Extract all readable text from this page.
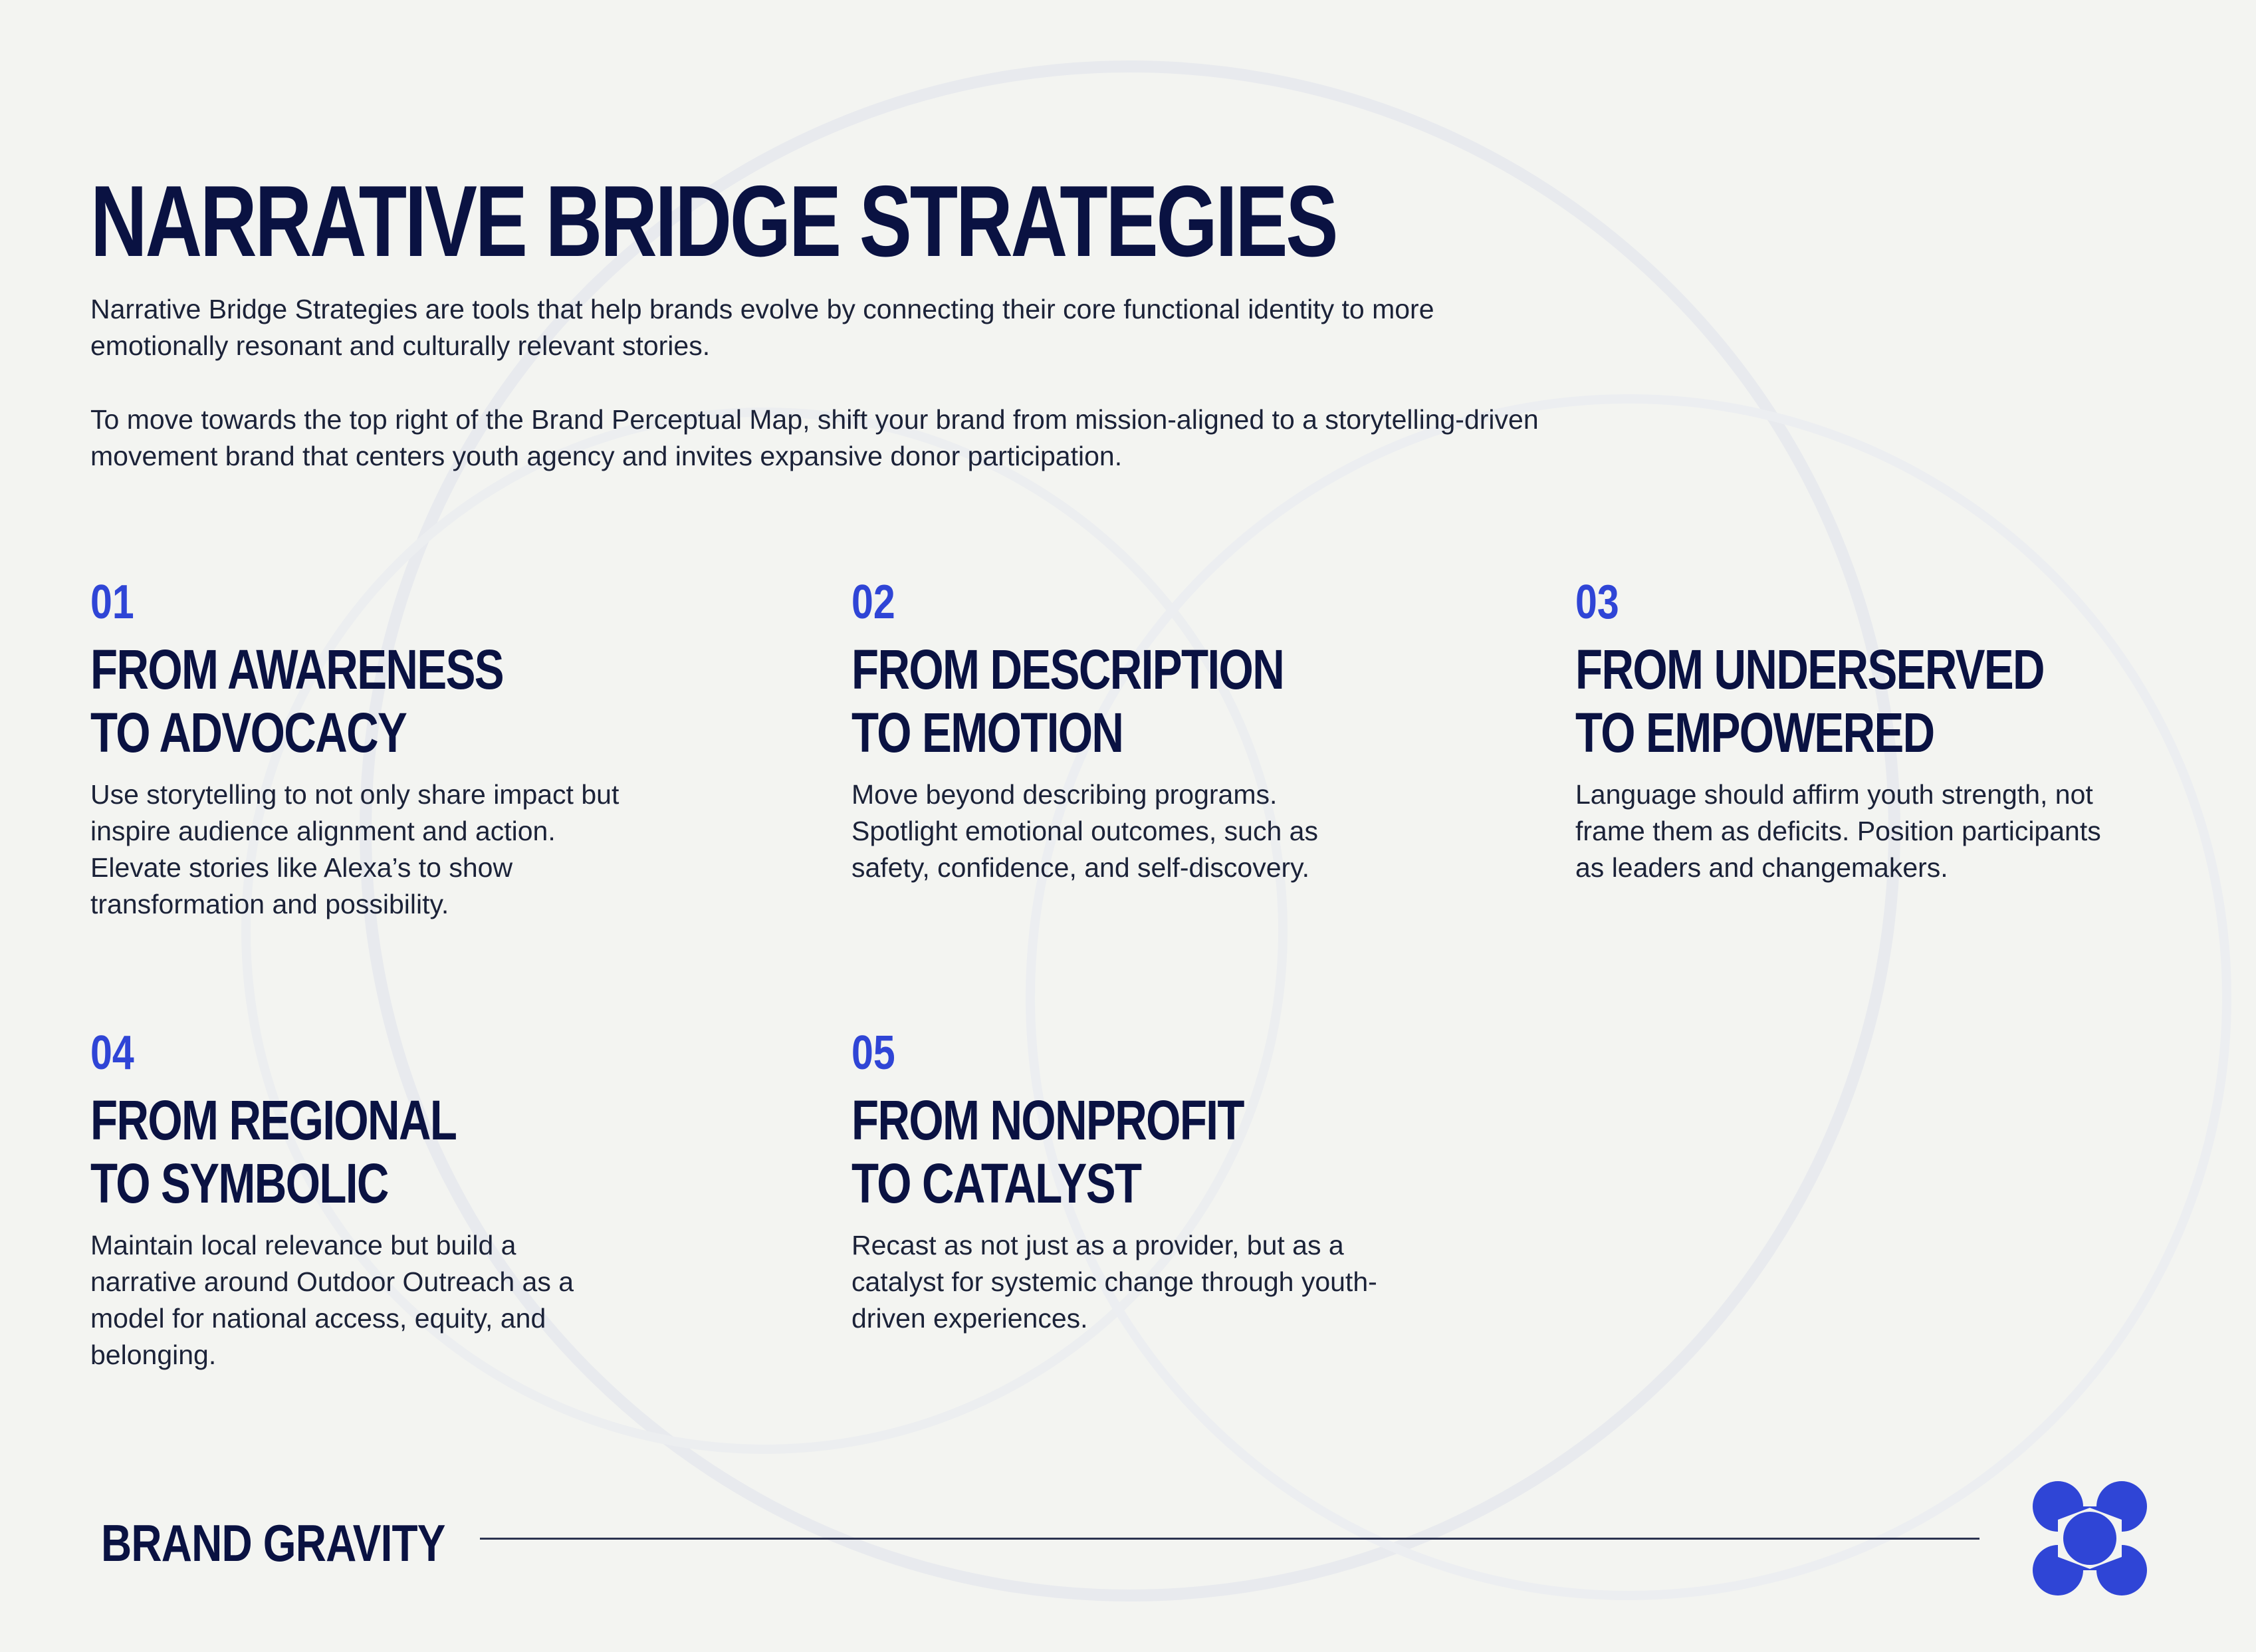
NARRATIVE BRIDGE STRATEGIES

Narrative Bridge Strategies are tools that help brands evolve by connecting their core functional identity to more emotionally resonant and culturally relevant stories.

To move towards the top right of the Brand Perceptual Map, shift your brand from mission-aligned to a storytelling-driven movement brand that centers youth agency and invites expansive donor participation.

01
FROM AWARENESS
TO ADVOCACY
Use storytelling to not only share impact but inspire audience alignment and action. Elevate stories like Alexa’s to show transformation and possibility.
02
FROM DESCRIPTION
TO EMOTION
Move beyond describing programs. Spotlight emotional outcomes, such as safety, confidence, and self-discovery.
03
FROM UNDERSERVED
TO EMPOWERED
Language should affirm youth strength, not frame them as deficits. Position participants as leaders and changemakers.
04
FROM REGIONAL
TO SYMBOLIC
Maintain local relevance but build a narrative around Outdoor Outreach as a model for national access, equity, and belonging.
05
FROM NONPROFIT
TO CATALYST
Recast as not just as a provider, but as a catalyst for systemic change through youth-driven experiences.
BRAND GRAVITY
